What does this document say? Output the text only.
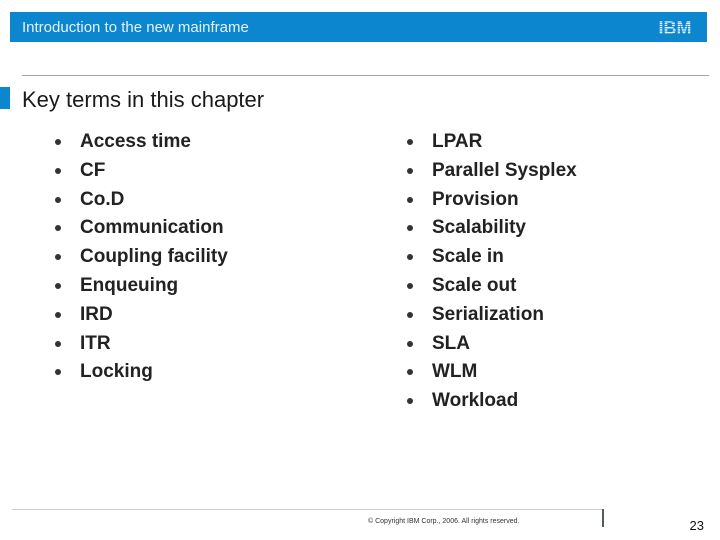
Introduction to the new mainframe	IBM
Key terms in this chapter
Access time
CF
Co.D
Communication
Coupling facility
Enqueuing
IRD
ITR
Locking
LPAR
Parallel Sysplex
Provision
Scalability
Scale in
Scale out
Serialization
SLA
WLM
Workload
© Copyright IBM Corp., 2006. All rights reserved.	23
